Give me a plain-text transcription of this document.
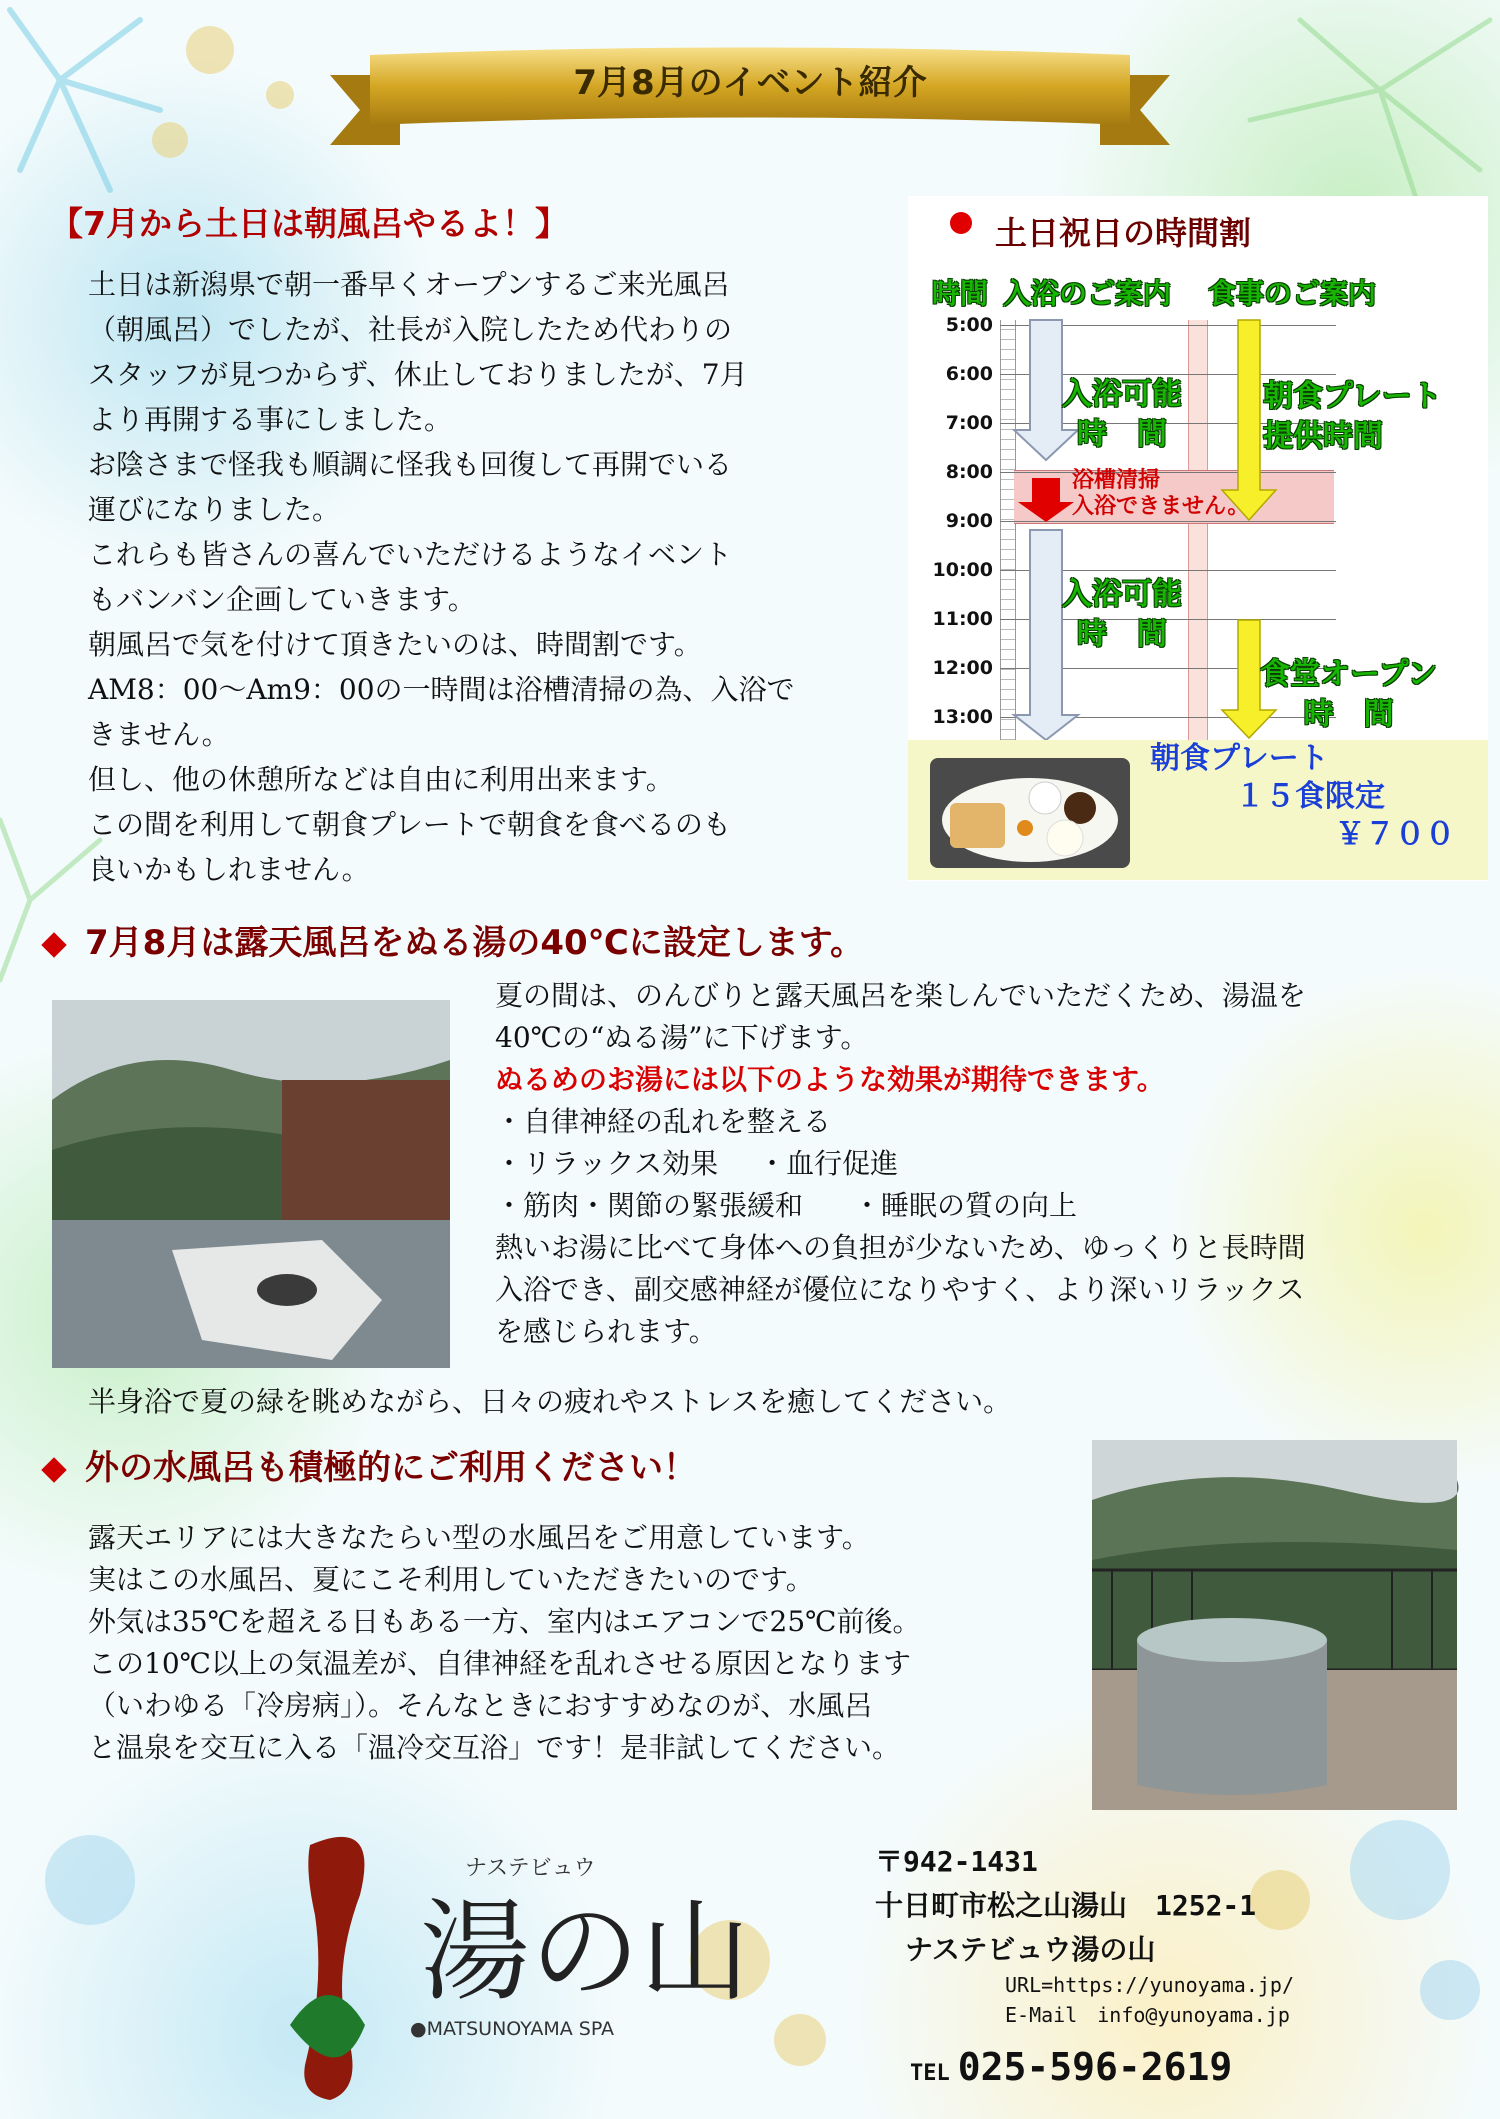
7月8月のイベント紹介
【7月から土日は朝風呂やるよ！】

土日は新潟県で朝一番早くオープンするご来光風呂

（朝風呂）でしたが、社長が入院したため代わりの

スタッフが見つからず、休止しておりましたが、7月

より再開する事にしました。

お陰さまで怪我も順調に怪我も回復して再開でいる

運びになりました。

これらも皆さんの喜んでいただけるようなイベント

もバンバン企画していきます。

朝風呂で気を付けて頂きたいのは、時間割です。

AM8：00～Am9：00の一時間は浴槽清掃の為、入浴で

きません。

但し、他の休憩所などは自由に利用出来ます。

この間を利用して朝食プレートで朝食を食べるのも

良いかもしれません。

土日祝日の時間割
時間 入浴のご案内 食事のご案内
5:00
6:00
7:00
8:00
9:00
10:00
11:00
12:00
13:00
入浴可能
時　間
浴槽清掃
入浴できません。
入浴可能
時　間
朝食プレート
提供時間
食堂オープン
時　間
朝食プレート
１５食限定
￥７００
7月8月は露天風呂をぬる湯の40℃に設定します。

夏の間は、のんびりと露天風呂を楽しんでいただくため、湯温を

40℃の“ぬる湯”に下げます。

ぬるめのお湯には以下のような効果が期待できます。

・自律神経の乱れを整える

・リラックス効果 ・血行促進

・筋肉・関節の緊張緩和 ・睡眠の質の向上

熱いお湯に比べて身体への負担が少ないため、ゆっくりと長時間

入浴でき、副交感神経が優位になりやすく、より深いリラックス

を感じられます。

半身浴で夏の緑を眺めながら、日々の疲れやストレスを癒してください。
外の水風呂も積極的にご利用ください！

露天エリアには大きなたらい型の水風呂をご用意しています。

実はこの水風呂、夏にこそ利用していただきたいのです。

外気は35℃を超える日もある一方、室内はエアコンで25℃前後。

この10℃以上の気温差が、自律神経を乱れさせる原因となります

（いわゆる「冷房病」）。そんなときにおすすめなのが、水風呂

と温泉を交互に入る「温冷交互浴」です！是非試してください。

湯の山
ナステビュウ
●MATSUNOYAMA SPA
〒942-1431
十日町市松之山湯山　1252-1
ナステビュウ湯の山
URL=https://yunoyama.jp/
E-Mail　info@yunoyama.jp
TEL 025-596-2619
